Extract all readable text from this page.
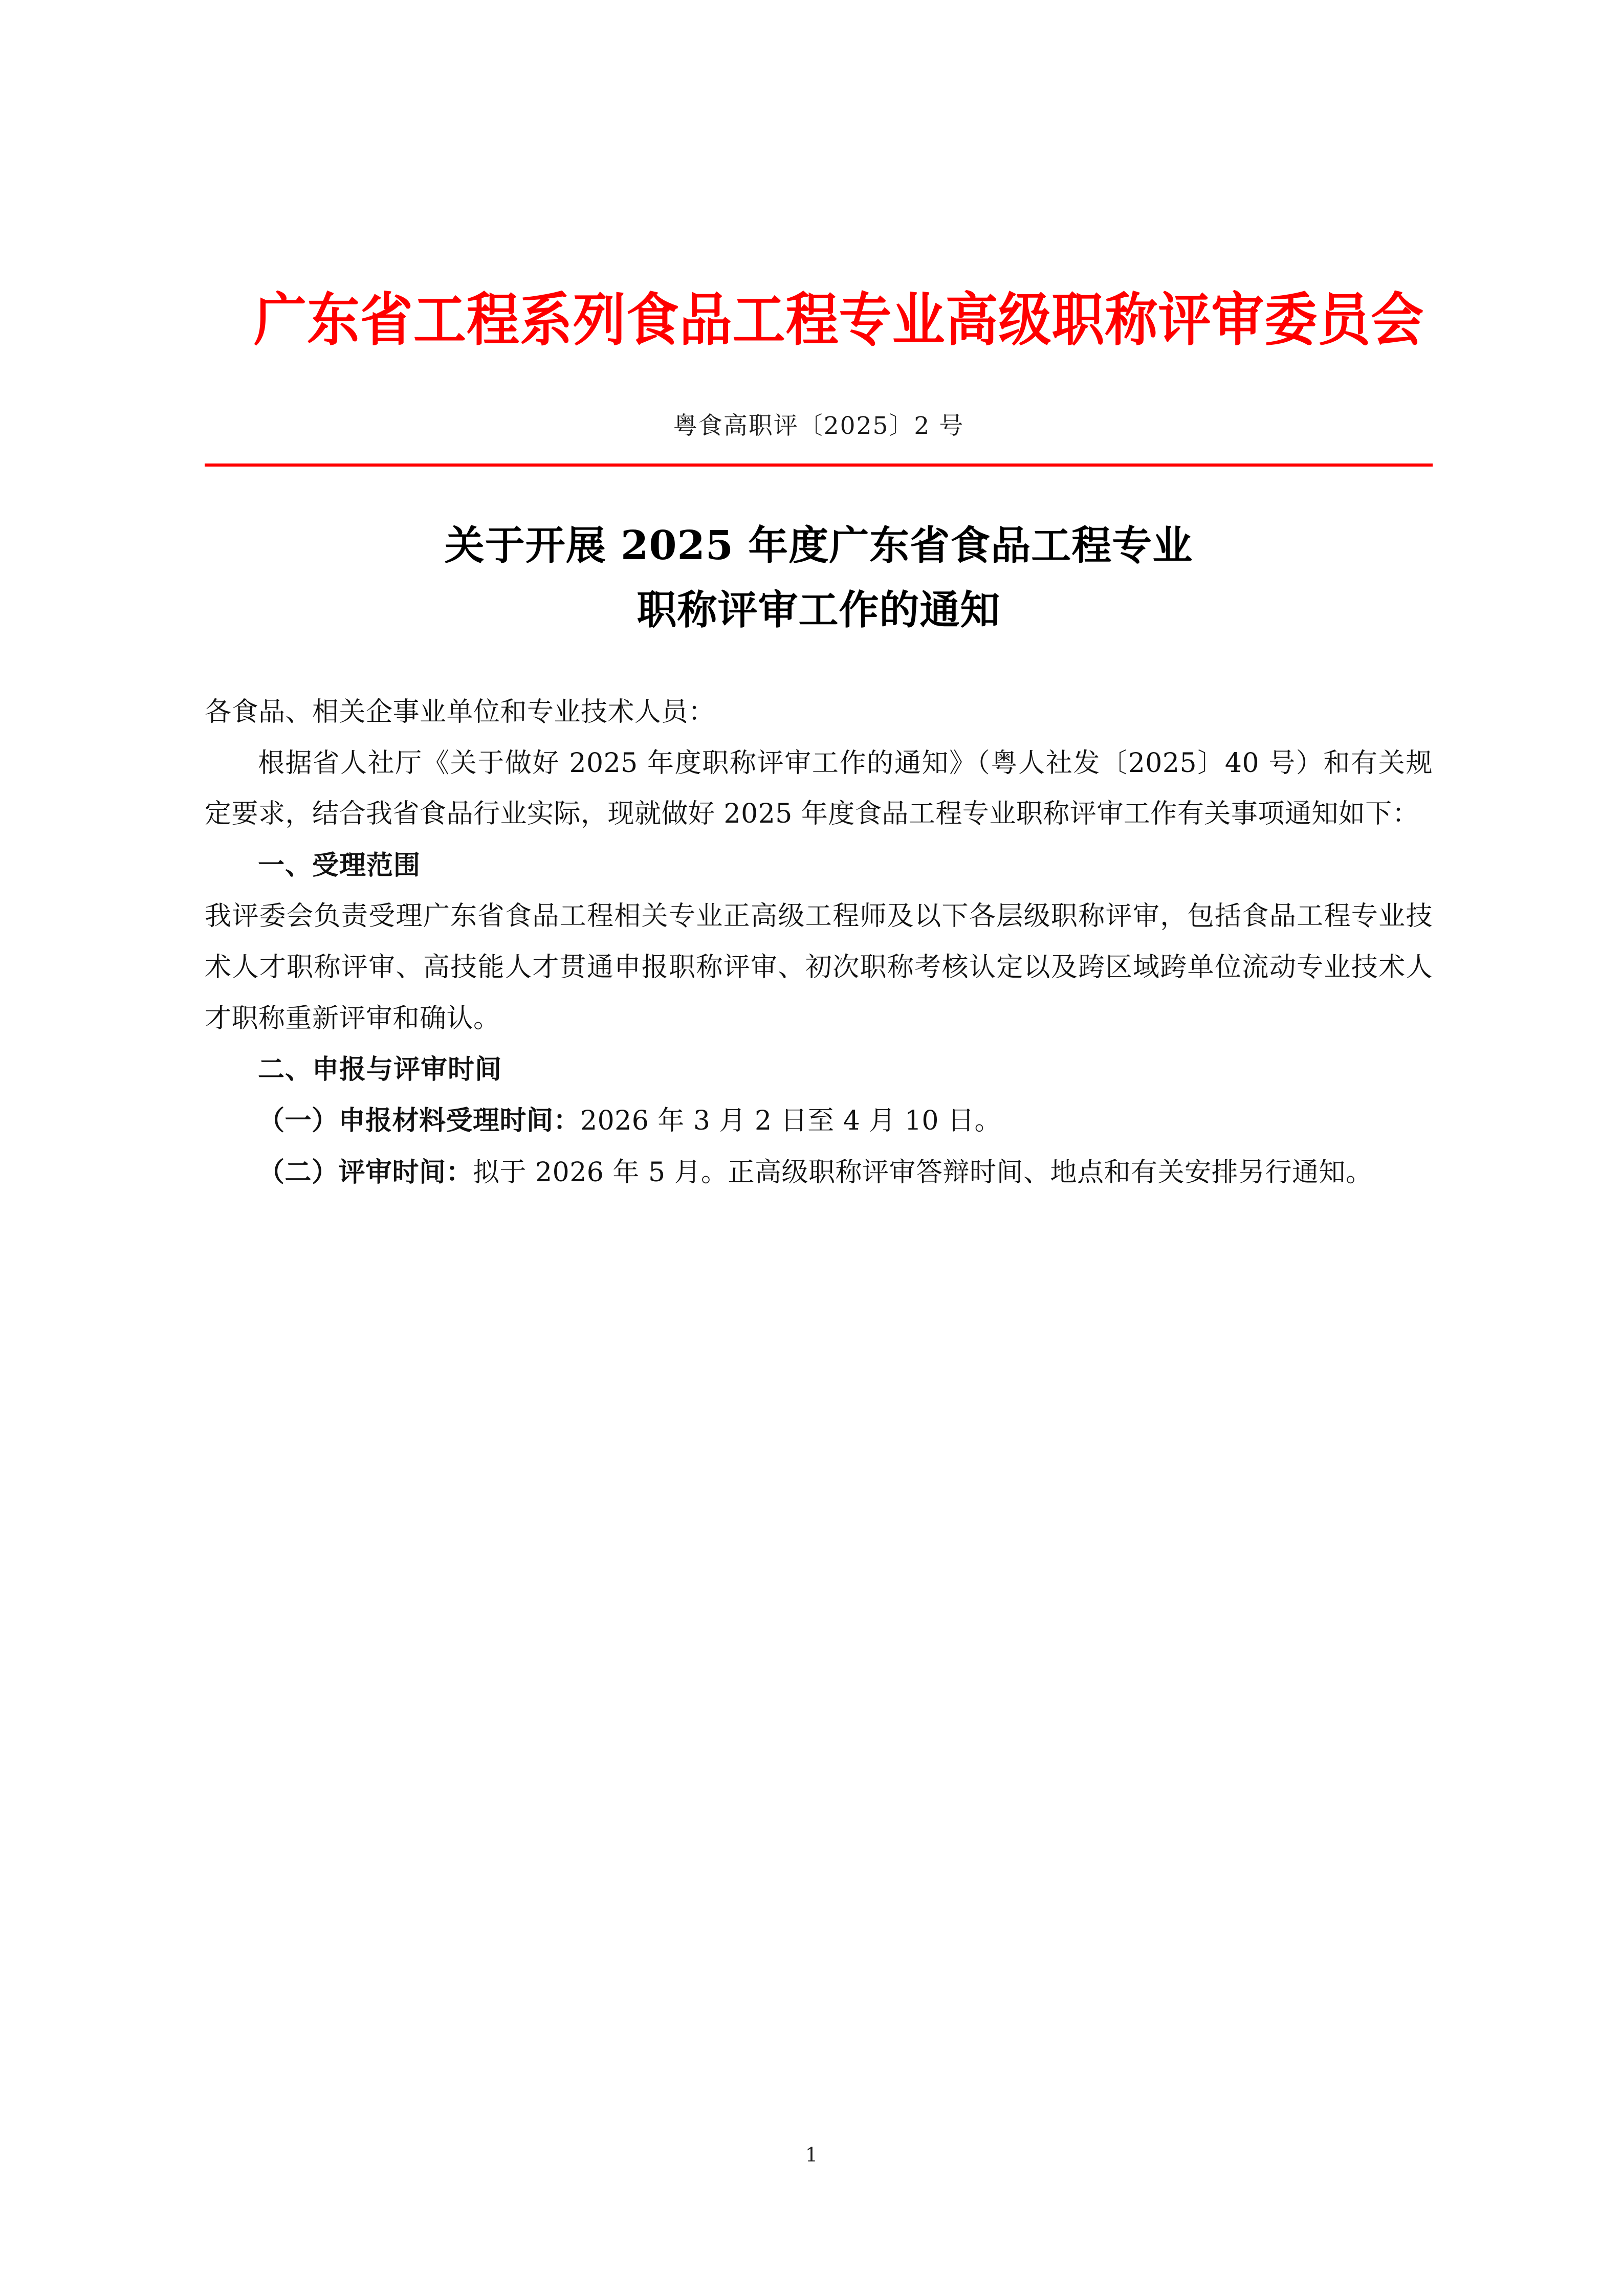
广东省工程系列食品工程专业高级职称评审委员会
粤食高职评〔2025〕2 号
关于开展 2025 年度广东省食品工程专业
职称评审工作的通知

各食品、相关企事业单位和专业技术人员：

根据省人社厅《关于做好 2025 年度职称评审工作的通知》（粤人社发〔2025〕40 号）和有关规定要求，结合我省食品行业实际，现就做好 2025 年度食品工程专业职称评审工作有关事项通知如下：

一、受理范围

我评委会负责受理广东省食品工程相关专业正高级工程师及以下各层级职称评审，包括食品工程专业技术人才职称评审、高技能人才贯通申报职称评审、初次职称考核认定以及跨区域跨单位流动专业技术人才职称重新评审和确认。

二、申报与评审时间

（一）申报材料受理时间：2026 年 3 月 2 日至 4 月 10 日。

（二）评审时间：拟于 2026 年 5 月。正高级职称评审答辩时间、地点和有关安排另行通知。

1
